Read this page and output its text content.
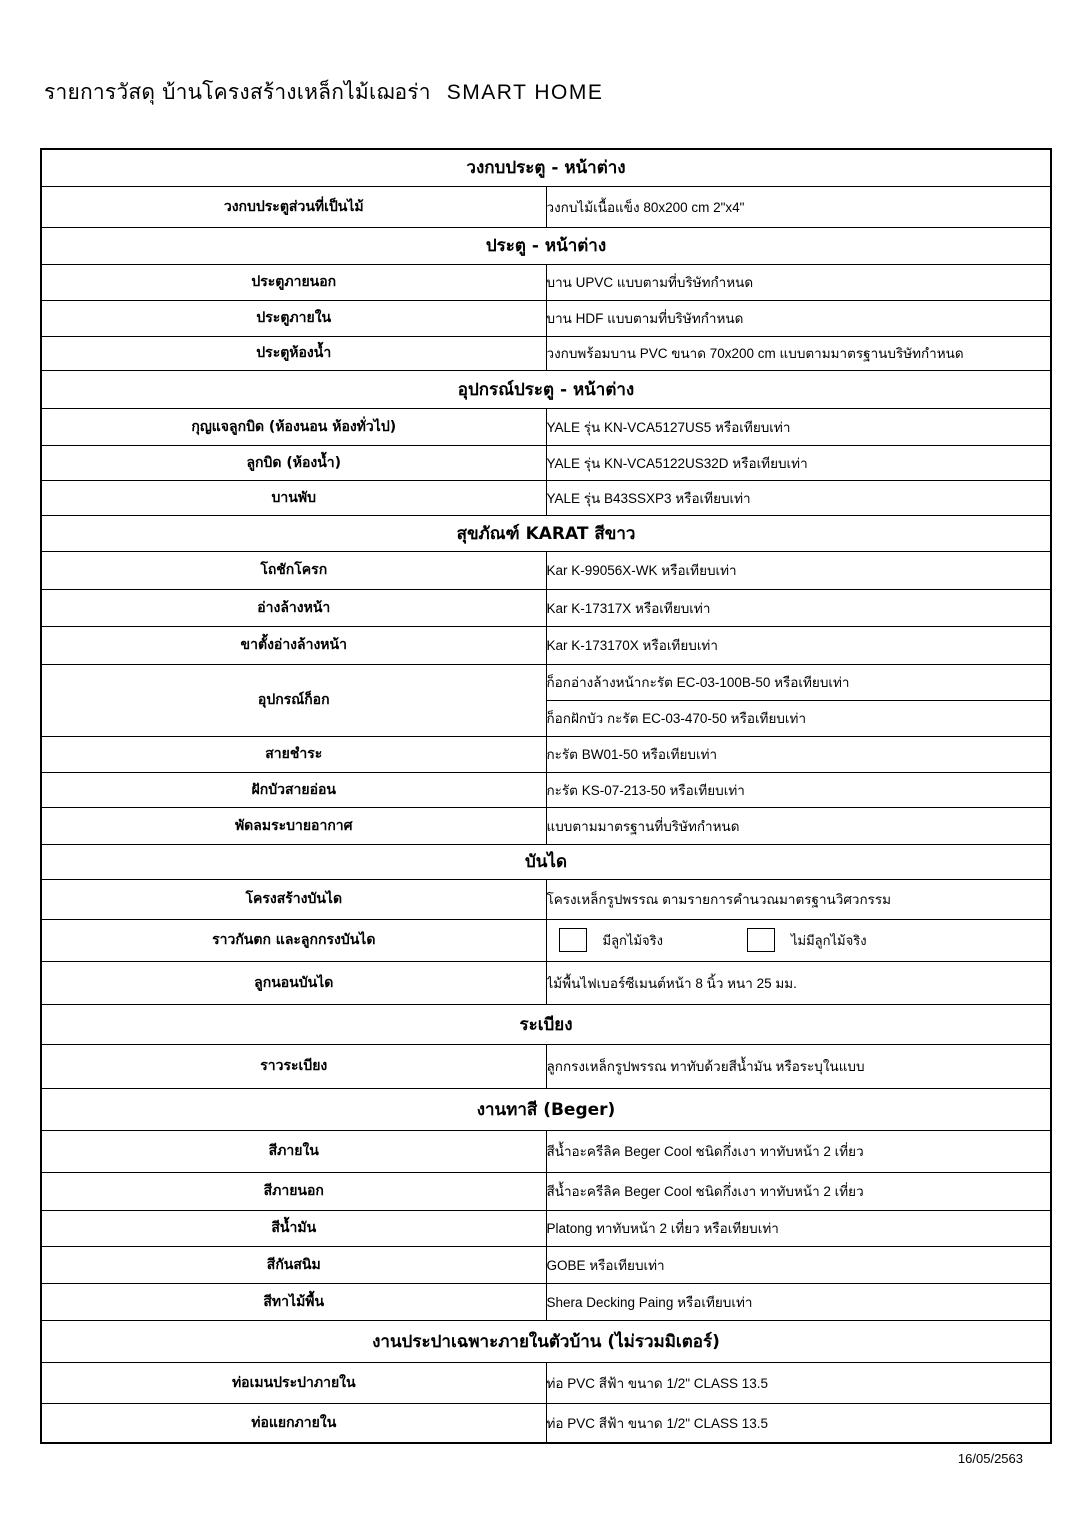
รายการวัสดุ บ้านโครงสร้างเหล็กไม้เฌอร่า SMART HOME
วงกบประตู - หน้าต่าง	
วงกบประตูส่วนที่เป็นไม้	วงกบไม้เนื้อแข็ง 80x200 cm 2"x4"
ประตู - หน้าต่าง	
ประตูภายนอก	บาน UPVC แบบตามที่บริษัทกำหนด
ประตูภายใน	บาน HDF แบบตามที่บริษัทกำหนด
ประตูห้องน้ำ	วงกบพร้อมบาน PVC ขนาด 70x200 cm แบบตามมาตรฐานบริษัทกำหนด
อุปกรณ์ประตู - หน้าต่าง	
กุญแจลูกบิด (ห้องนอน ห้องทั่วไป)	YALE รุ่น KN-VCA5127US5 หรือเทียบเท่า
ลูกบิด (ห้องน้ำ)	YALE รุ่น KN-VCA5122US32D หรือเทียบเท่า
บานพับ	YALE รุ่น B43SSXP3 หรือเทียบเท่า
สุขภัณฑ์ KARAT สีขาว	
โถชักโครก	Kar K-99056X-WK หรือเทียบเท่า
อ่างล้างหน้า	Kar K-17317X หรือเทียบเท่า
ขาตั้งอ่างล้างหน้า	Kar K-173170X หรือเทียบเท่า
อุปกรณ์ก็อก	ก็อกอ่างล้างหน้ากะรัต EC-03-100B-50 หรือเทียบเท่า
	ก็อกฝักบัว กะรัต EC-03-470-50 หรือเทียบเท่า
สายชำระ	กะรัต BW01-50 หรือเทียบเท่า
ฝักบัวสายอ่อน	กะรัต KS-07-213-50 หรือเทียบเท่า
พัดลมระบายอากาศ	แบบตามมาตรฐานที่บริษัทกำหนด
บันได	
โครงสร้างบันได	โครงเหล็กรูปพรรณ ตามรายการคำนวณมาตรฐานวิศวกรรม
ราวกันตก และลูกกรงบันได	มีลูกไม้จริง ไม่มีลูกไม้จริง

ลูกนอนบันได	ไม้พื้นไฟเบอร์ซีเมนต์หน้า 8 นิ้ว หนา 25 มม.
ระเบียง	
ราวระเบียง	ลูกกรงเหล็กรูปพรรณ ทาทับด้วยสีน้ำมัน หรือระบุในแบบ
งานทาสี (Beger)	
สีภายใน	สีน้ำอะครีลิค Beger Cool ชนิดกึ่งเงา ทาทับหน้า 2 เที่ยว
สีภายนอก	สีน้ำอะครีลิค Beger Cool ชนิดกึ่งเงา ทาทับหน้า 2 เที่ยว
สีน้ำมัน	Platong ทาทับหน้า 2 เที่ยว หรือเทียบเท่า
สีกันสนิม	GOBE หรือเทียบเท่า
สีทาไม้พื้น	Shera Decking Paing หรือเทียบเท่า
งานประปาเฉพาะภายในตัวบ้าน (ไม่รวมมิเตอร์)	
ท่อเมนประปาภายใน	ท่อ PVC สีฟ้า ขนาด 1/2" CLASS 13.5
ท่อแยกภายใน	ท่อ PVC สีฟ้า ขนาด 1/2" CLASS 13.5
16/05/2563
